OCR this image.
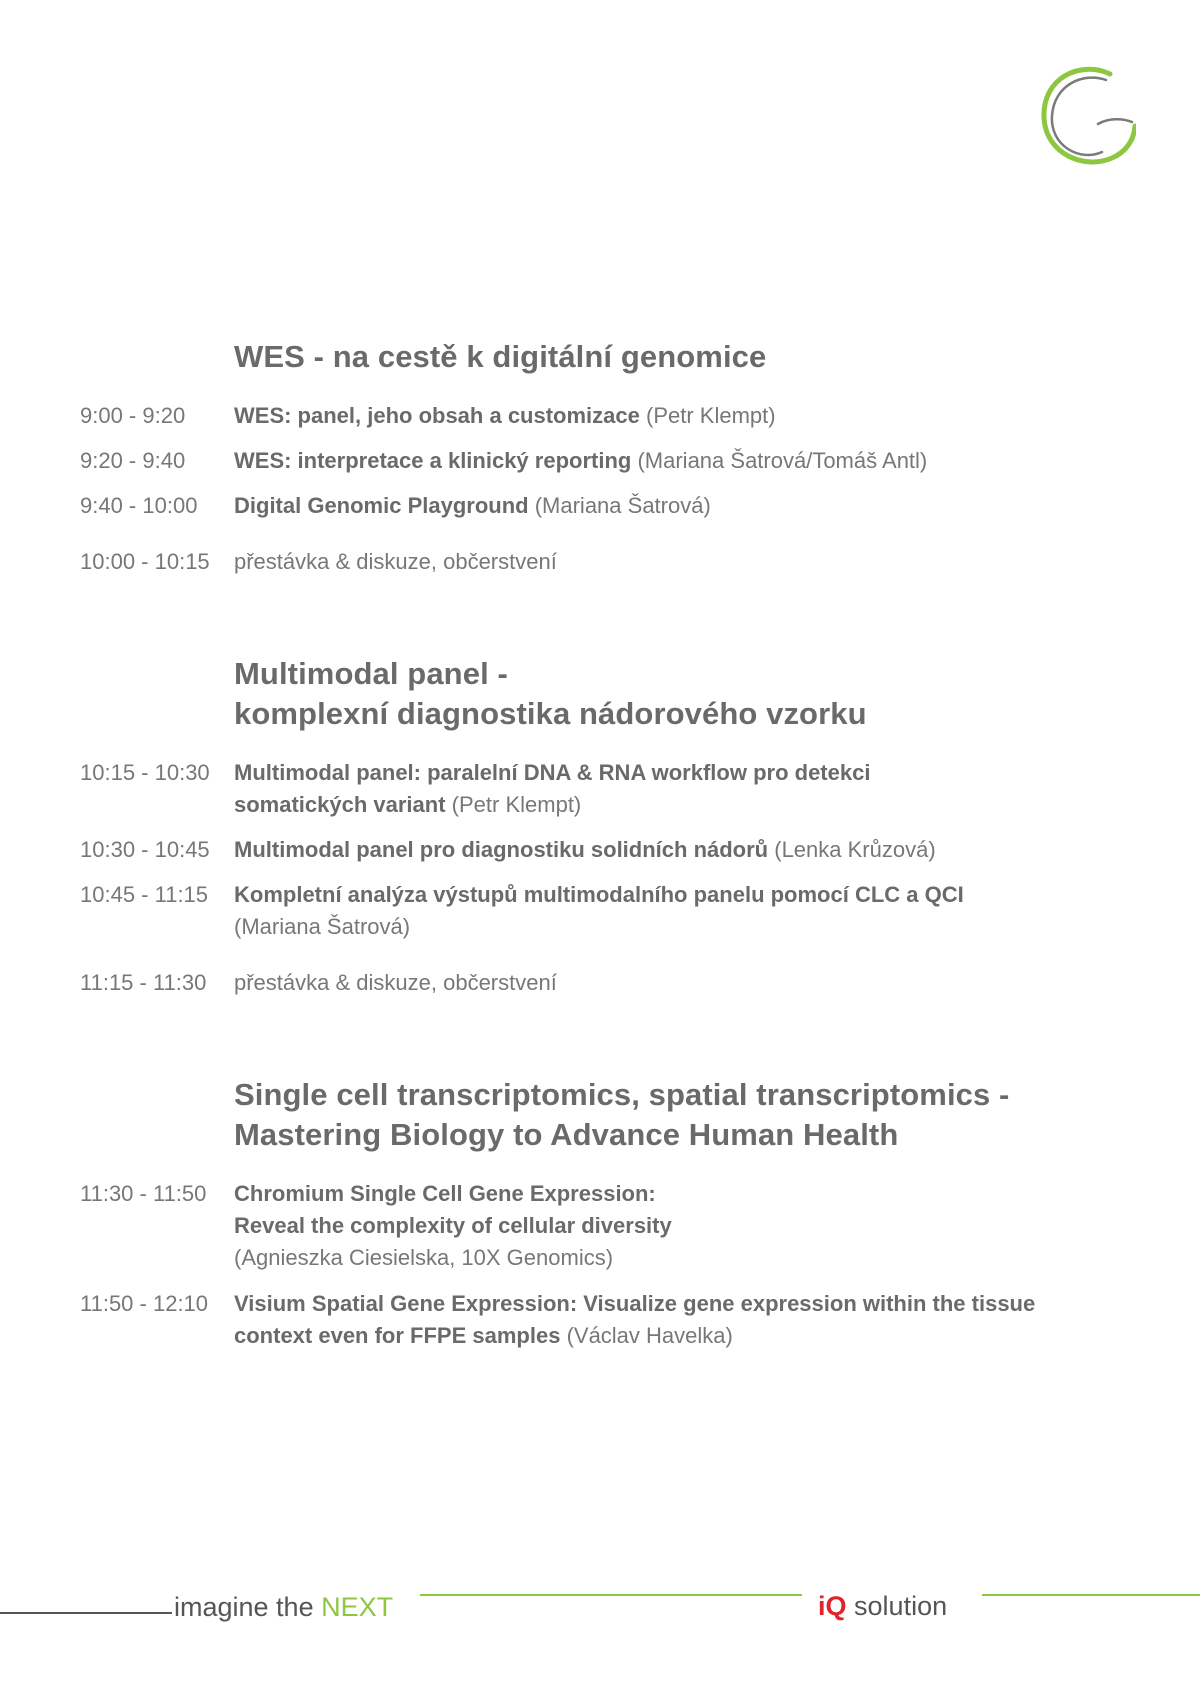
WES - na cestě k digitální genomice
9:00 - 9:20	WES: panel, jeho obsah a customizace (Petr Klempt)
9:20 - 9:40	WES: interpretace a klinický reporting (Mariana Šatrová/Tomáš Antl)
9:40 - 10:00	Digital Genomic Playground (Mariana Šatrová)
10:00 - 10:15	přestávka & diskuze, občerstvení
Multimodal panel -
komplexní diagnostika nádorového vzorku
10:15 - 10:30	Multimodal panel: paralelní DNA & RNA workflow pro detekci
somatických variant (Petr Klempt)
10:30 - 10:45	Multimodal panel pro diagnostiku solidních nádorů (Lenka Krůzová)
10:45 - 11:15	Kompletní analýza výstupů multimodalního panelu pomocí CLC a QCI
(Mariana Šatrová)
11:15 - 11:30	přestávka & diskuze, občerstvení
Single cell transcriptomics, spatial transcriptomics -
Mastering Biology to Advance Human Health
11:30 - 11:50	Chromium Single Cell Gene Expression:
Reveal the complexity of cellular diversity
(Agnieszka Ciesielska, 10X Genomics)
11:50 - 12:10	Visium Spatial Gene Expression: Visualize gene expression within the tissue
context even for FFPE samples (Václav Havelka)
imagine the NEXT	iQ solution
